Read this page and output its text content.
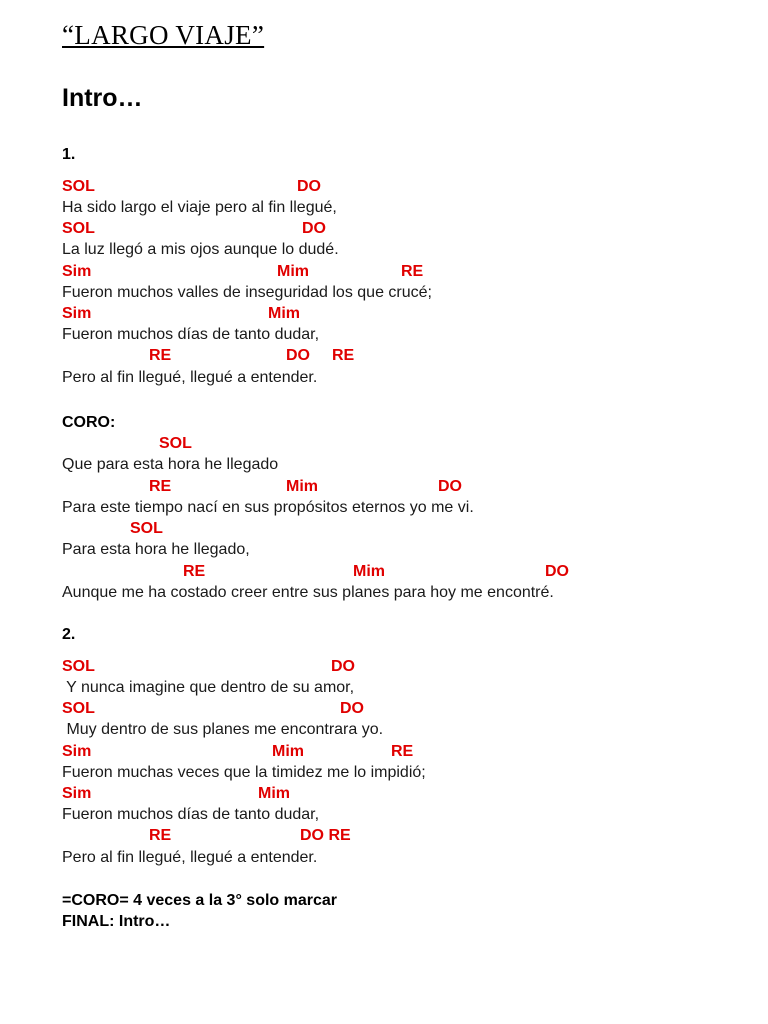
“LARGO VIAJE”
Intro…
1.
SOL	DO
Ha sido largo el viaje pero al fin llegué,
SOL	DO
La luz llegó a mis ojos aunque lo dudé.
Sim	Mim	RE
Fueron muchos valles de inseguridad los que crucé;
Sim	Mim
Fueron muchos días de tanto dudar,
RE	DO RE
Pero al fin llegué, llegué a entender.
CORO:
SOL
Que para esta hora he llegado
RE	Mim	DO
Para este tiempo nací en sus propósitos eternos yo me vi.
SOL
Para esta hora he llegado,
RE	Mim	DO
Aunque me ha costado creer entre sus planes para hoy me encontré.
2.
SOL	DO
Y nunca imagine que dentro de su amor,
SOL	DO
Muy dentro de sus planes me encontrara yo.
Sim	Mim	RE
Fueron muchas veces que la timidez me lo impidió;
Sim	Mim
Fueron muchos días de tanto dudar,
RE	DO RE
Pero al fin llegué, llegué a entender.
=CORO= 4 veces a la 3° solo marcar
FINAL: Intro…
